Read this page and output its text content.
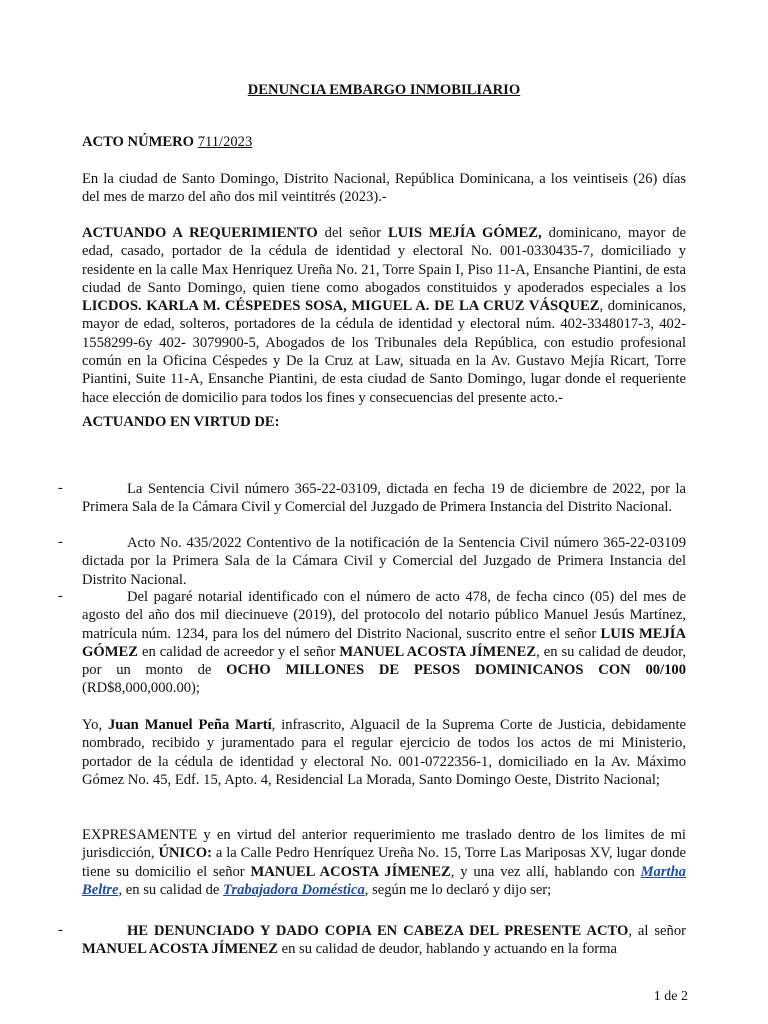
DENUNCIA EMBARGO INMOBILIARIO
ACTO NÚMERO 711/2023

En la ciudad de Santo Domingo, Distrito Nacional, República Dominicana, a los veintiseis (26) días del mes de marzo del año dos mil veintitrés (2023).-

ACTUANDO A REQUERIMIENTO del señor LUIS MEJÍA GÓMEZ, dominicano, mayor de edad, casado, portador de la cédula de identidad y electoral No. 001-0330435-7, domiciliado y residente en la calle Max Henriquez Ureña No. 21, Torre Spain I, Piso 11-A, Ensanche Piantini, de esta ciudad de Santo Domingo, quien tiene como abogados constituidos y apoderados especiales a los LICDOS. KARLA M. CÉSPEDES SOSA, MIGUEL A. DE LA CRUZ VÁSQUEZ, dominicanos, mayor de edad, solteros, portadores de la cédula de identidad y electoral núm. 402-3348017-3, 402-1558299-6y 402- 3079900-5, Abogados de los Tribunales dela República, con estudio profesional común en la Oficina Céspedes y De la Cruz at Law, situada en la Av. Gustavo Mejía Ricart, Torre Piantini, Suite 11-A, Ensanche Piantini, de esta ciudad de Santo Domingo, lugar donde el requeriente hace elección de domicilio para todos los fines y consecuencias del presente acto.-

ACTUANDO EN VIRTUD DE:
-	La Sentencia Civil número 365-22-03109, dictada en fecha 19 de diciembre de 2022, por la Primera Sala de la Cámara Civil y Comercial del Juzgado de Primera Instancia del Distrito Nacional.

-	Acto No. 435/2022 Contentivo de la notificación de la Sentencia Civil número 365-22-03109 dictada por la Primera Sala de la Cámara Civil y Comercial del Juzgado de Primera Instancia del Distrito Nacional.

-	Del pagaré notarial identificado con el número de acto 478, de fecha cinco (05) del mes de agosto del año dos mil diecinueve (2019), del protocolo del notario público Manuel Jesús Martínez, matrícula núm. 1234, para los del número del Distrito Nacional, suscrito entre el señor LUIS MEJÍA GÓMEZ en calidad de acreedor y el señor MANUEL ACOSTA JÍMENEZ, en su calidad de deudor, por un monto de OCHO MILLONES DE PESOS DOMINICANOS CON 00/100 (RD$8,000,000.00);

Yo, Juan Manuel Peña Martí, infrascrito, Alguacil de la Suprema Corte de Justicia, debidamente nombrado, recibido y juramentado para el regular ejercicio de todos los actos de mi Ministerio, portador de la cédula de identidad y electoral No. 001-0722356-1, domiciliado en la Av. Máximo Gómez No. 45, Edf. 15, Apto. 4, Residencial La Morada, Santo Domingo Oeste, Distrito Nacional;

EXPRESAMENTE y en virtud del anterior requerimiento me traslado dentro de los limites de mi jurisdicción, ÚNICO: a la Calle Pedro Henríquez Ureña No. 15, Torre Las Mariposas XV, lugar donde tiene su domicilio el señor MANUEL ACOSTA JÍMENEZ, y una vez allí, hablando con Martha Beltre, en su calidad de Trabajadora Doméstica, según me lo declaró y dijo ser;

-	HE DENUNCIADO Y DADO COPIA EN CABEZA DEL PRESENTE ACTO, al señor MANUEL ACOSTA JÍMENEZ en su calidad de deudor, hablando y actuando en la forma

1 de 2
